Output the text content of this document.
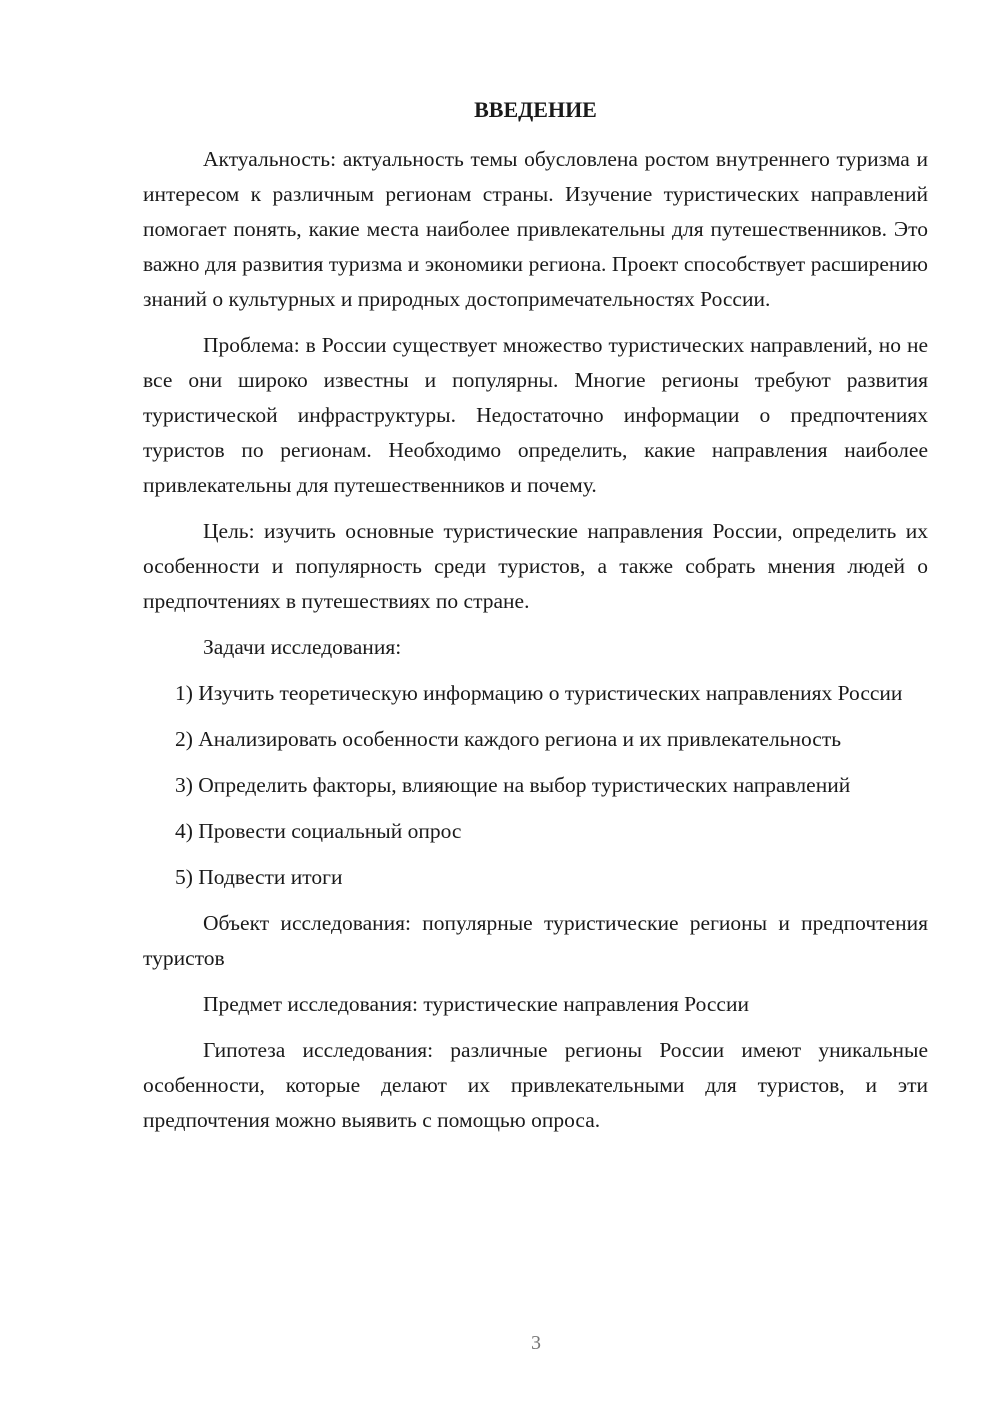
ВВЕДЕНИЕ

Актуальность: актуальность темы обусловлена ростом внутреннего туризма и интересом к различным регионам страны. Изучение туристических направлений помогает понять, какие места наиболее привлекательны для путешественников. Это важно для развития туризма и экономики региона. Проект способствует расширению знаний о культурных и природных достопримечательностях России.

Проблема: в России существует множество туристических направлений, но не все они широко известны и популярны. Многие регионы требуют развития туристической инфраструктуры. Недостаточно информации о предпочтениях туристов по регионам. Необходимо определить, какие направления наиболее привлекательны для путешественников и почему.

Цель: изучить основные туристические направления России, определить их особенности и популярность среди туристов, а также собрать мнения людей о предпочтениях в путешествиях по стране.

Задачи исследования:

1) Изучить теоретическую информацию о туристических направлениях России

2) Анализировать особенности каждого региона и их привлекательность

3) Определить факторы, влияющие на выбор туристических направлений

4) Провести социальный опрос

5) Подвести итоги

Объект исследования: популярные туристические регионы и предпочтения туристов

Предмет исследования: туристические направления России

Гипотеза исследования: различные регионы России имеют уникальные особенности, которые делают их привлекательными для туристов, и эти предпочтения можно выявить с помощью опроса.

3
